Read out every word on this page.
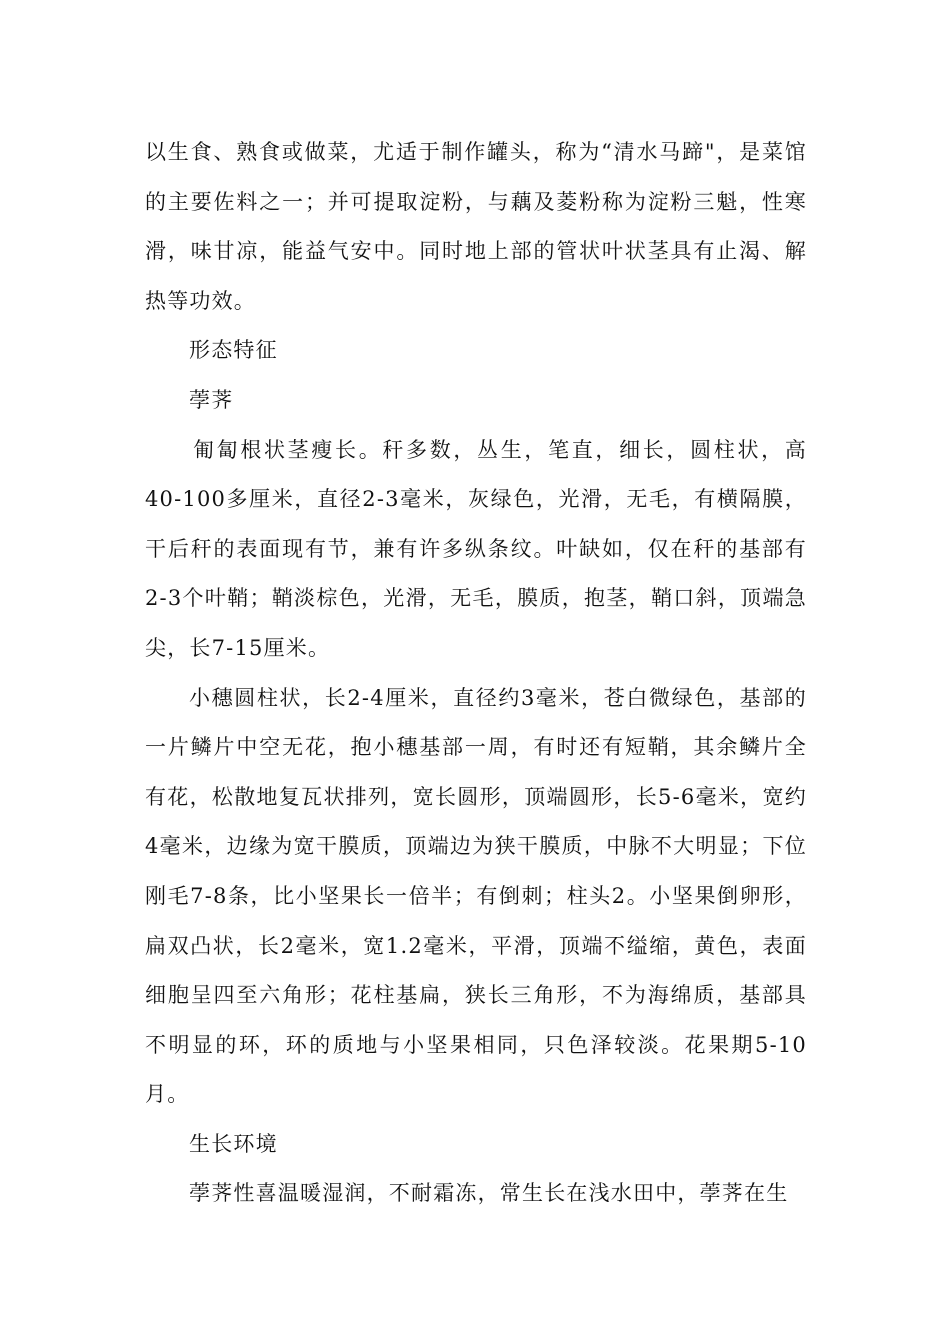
以生食、熟食或做菜，尤适于制作罐头，称为“清水马蹄"，是菜馆的主要佐料之一；并可提取淀粉，与藕及菱粉称为淀粉三魁，性寒滑，味甘凉，能益气安中。同时地上部的管状叶状茎具有止渴、解热等功效。

形态特征

荸荠

匍匐根状茎瘦长。秆多数，丛生，笔直，细长，圆柱状，高40-100多厘米，直径2-3毫米，灰绿色，光滑，无毛，有横隔膜，干后秆的表面现有节，兼有许多纵条纹。叶缺如，仅在秆的基部有2-3个叶鞘；鞘淡棕色，光滑，无毛，膜质，抱茎，鞘口斜，顶端急尖，长7-15厘米。

小穗圆柱状，长2-4厘米，直径约3毫米，苍白微绿色，基部的一片鳞片中空无花，抱小穗基部一周，有时还有短鞘，其余鳞片全有花，松散地复瓦状排列，宽长圆形，顶端圆形，长5-6毫米，宽约4毫米，边缘为宽干膜质，顶端边为狭干膜质，中脉不大明显；下位刚毛7-8条，比小坚果长一倍半；有倒刺；柱头2。小坚果倒卵形，扁双凸状，长2毫米，宽1.2毫米，平滑，顶端不缢缩，黄色，表面细胞呈四至六角形；花柱基扁，狭长三角形，不为海绵质，基部具不明显的环，环的质地与小坚果相同，只色泽较淡。花果期5-10月。

生长环境

荸荠性喜温暖湿润，不耐霜冻，常生长在浅水田中，荸荠在生
